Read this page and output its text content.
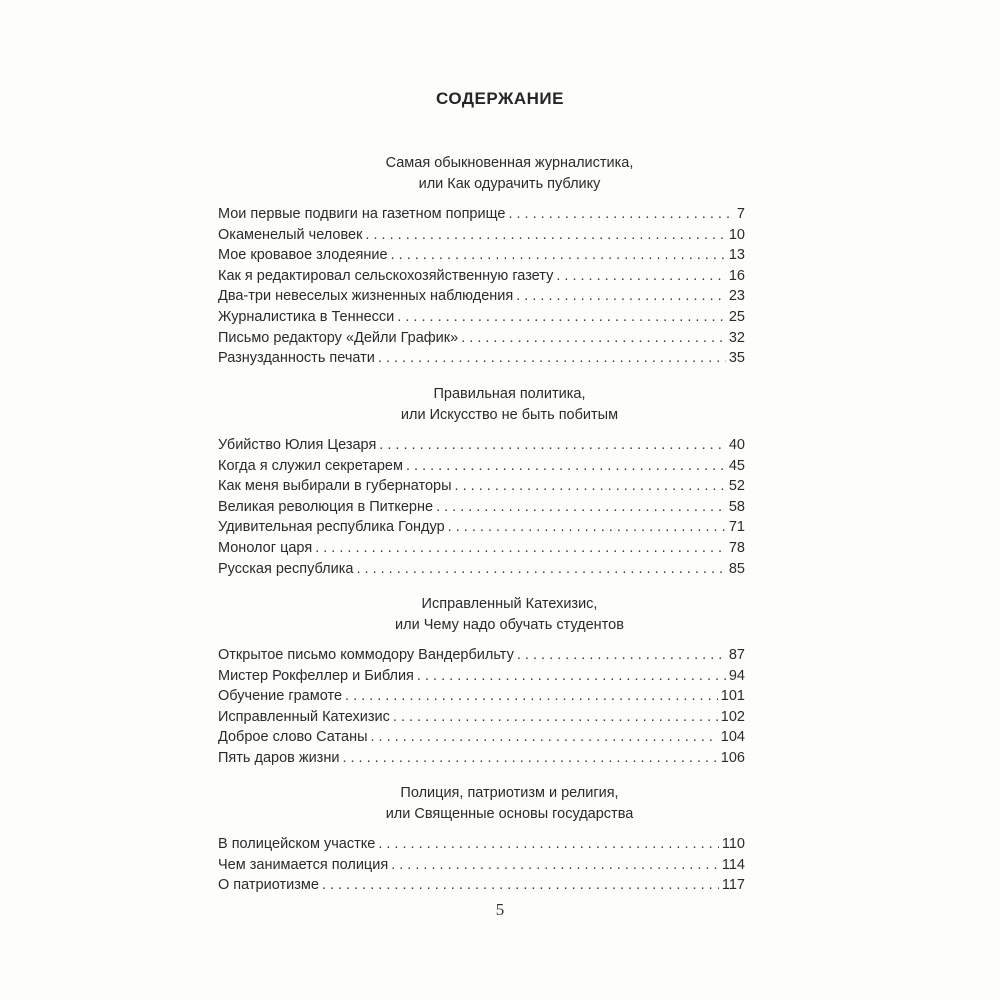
СОДЕРЖАНИЕ
Самая обыкновенная журналистика,
или Как одурачить публику
Мои первые подвиги на газетном поприще . . .	7
Окаменелый человек . . .	10
Мое кровавое злодеяние . . .	13
Как я редактировал сельскохозяйственную газету . . .	16
Два-три невеселых жизненных наблюдения . . .	23
Журналистика в Теннесси . . .	25
Письмо редактору «Дейли График» . . .	32
Разнузданность печати . . .	35
Правильная политика,
или Искусство не быть побитым
Убийство Юлия Цезаря . . .	40
Когда я служил секретарем . . .	45
Как меня выбирали в губернаторы . . .	52
Великая революция в Питкерне . . .	58
Удивительная республика Гондур . . .	71
Монолог царя . . .	78
Русская республика . . .	85
Исправленный Катехизис,
или Чему надо обучать студентов
Открытое письмо коммодору Вандербильту . . .	87
Мистер Рокфеллер и Библия . . .	94
Обучение грамоте . . .	101
Исправленный Катехизис . . .	102
Доброе слово Сатаны . . .	104
Пять даров жизни . . .	106
Полиция, патриотизм и религия,
или Священные основы государства
В полицейском участке . . .	110
Чем занимается полиция . . .	114
О патриотизме . . .	117
5
